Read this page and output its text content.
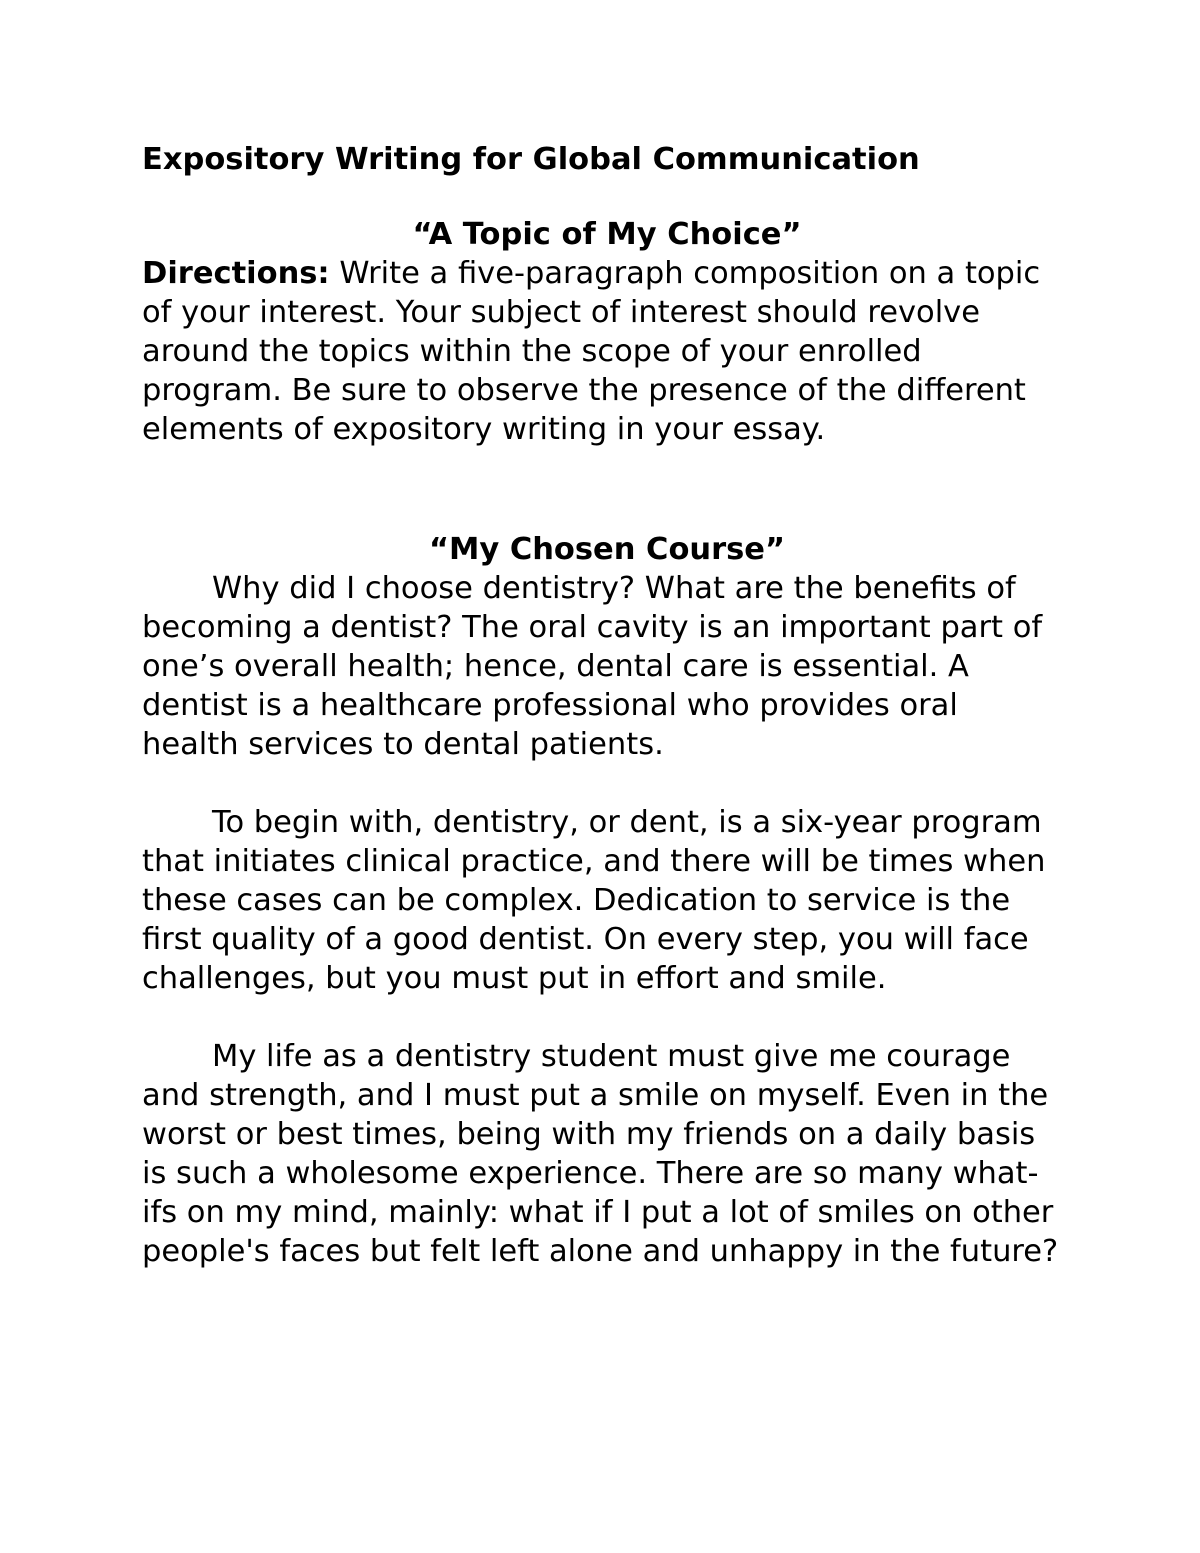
Expository Writing for Global Communication
“A Topic of My Choice”

Directions: Write a five-paragraph composition on a topic of your interest. Your subject of interest should revolve around the topics within the scope of your enrolled program. Be sure to observe the presence of the different elements of expository writing in your essay.

“My Chosen Course”

Why did I choose dentistry? What are the benefits of becoming a dentist? The oral cavity is an important part of one’s overall health; hence, dental care is essential. A dentist is a healthcare professional who provides oral health services to dental patients.

To begin with, dentistry, or dent, is a six-year program that initiates clinical practice, and there will be times when these cases can be complex. Dedication to service is the first quality of a good dentist. On every step, you will face challenges, but you must put in effort and smile.

My life as a dentistry student must give me courage and strength, and I must put a smile on myself. Even in the worst or best times, being with my friends on a daily basis is such a wholesome experience. There are so many what-ifs on my mind, mainly: what if I put a lot of smiles on other people's faces but felt left alone and unhappy in the future?
